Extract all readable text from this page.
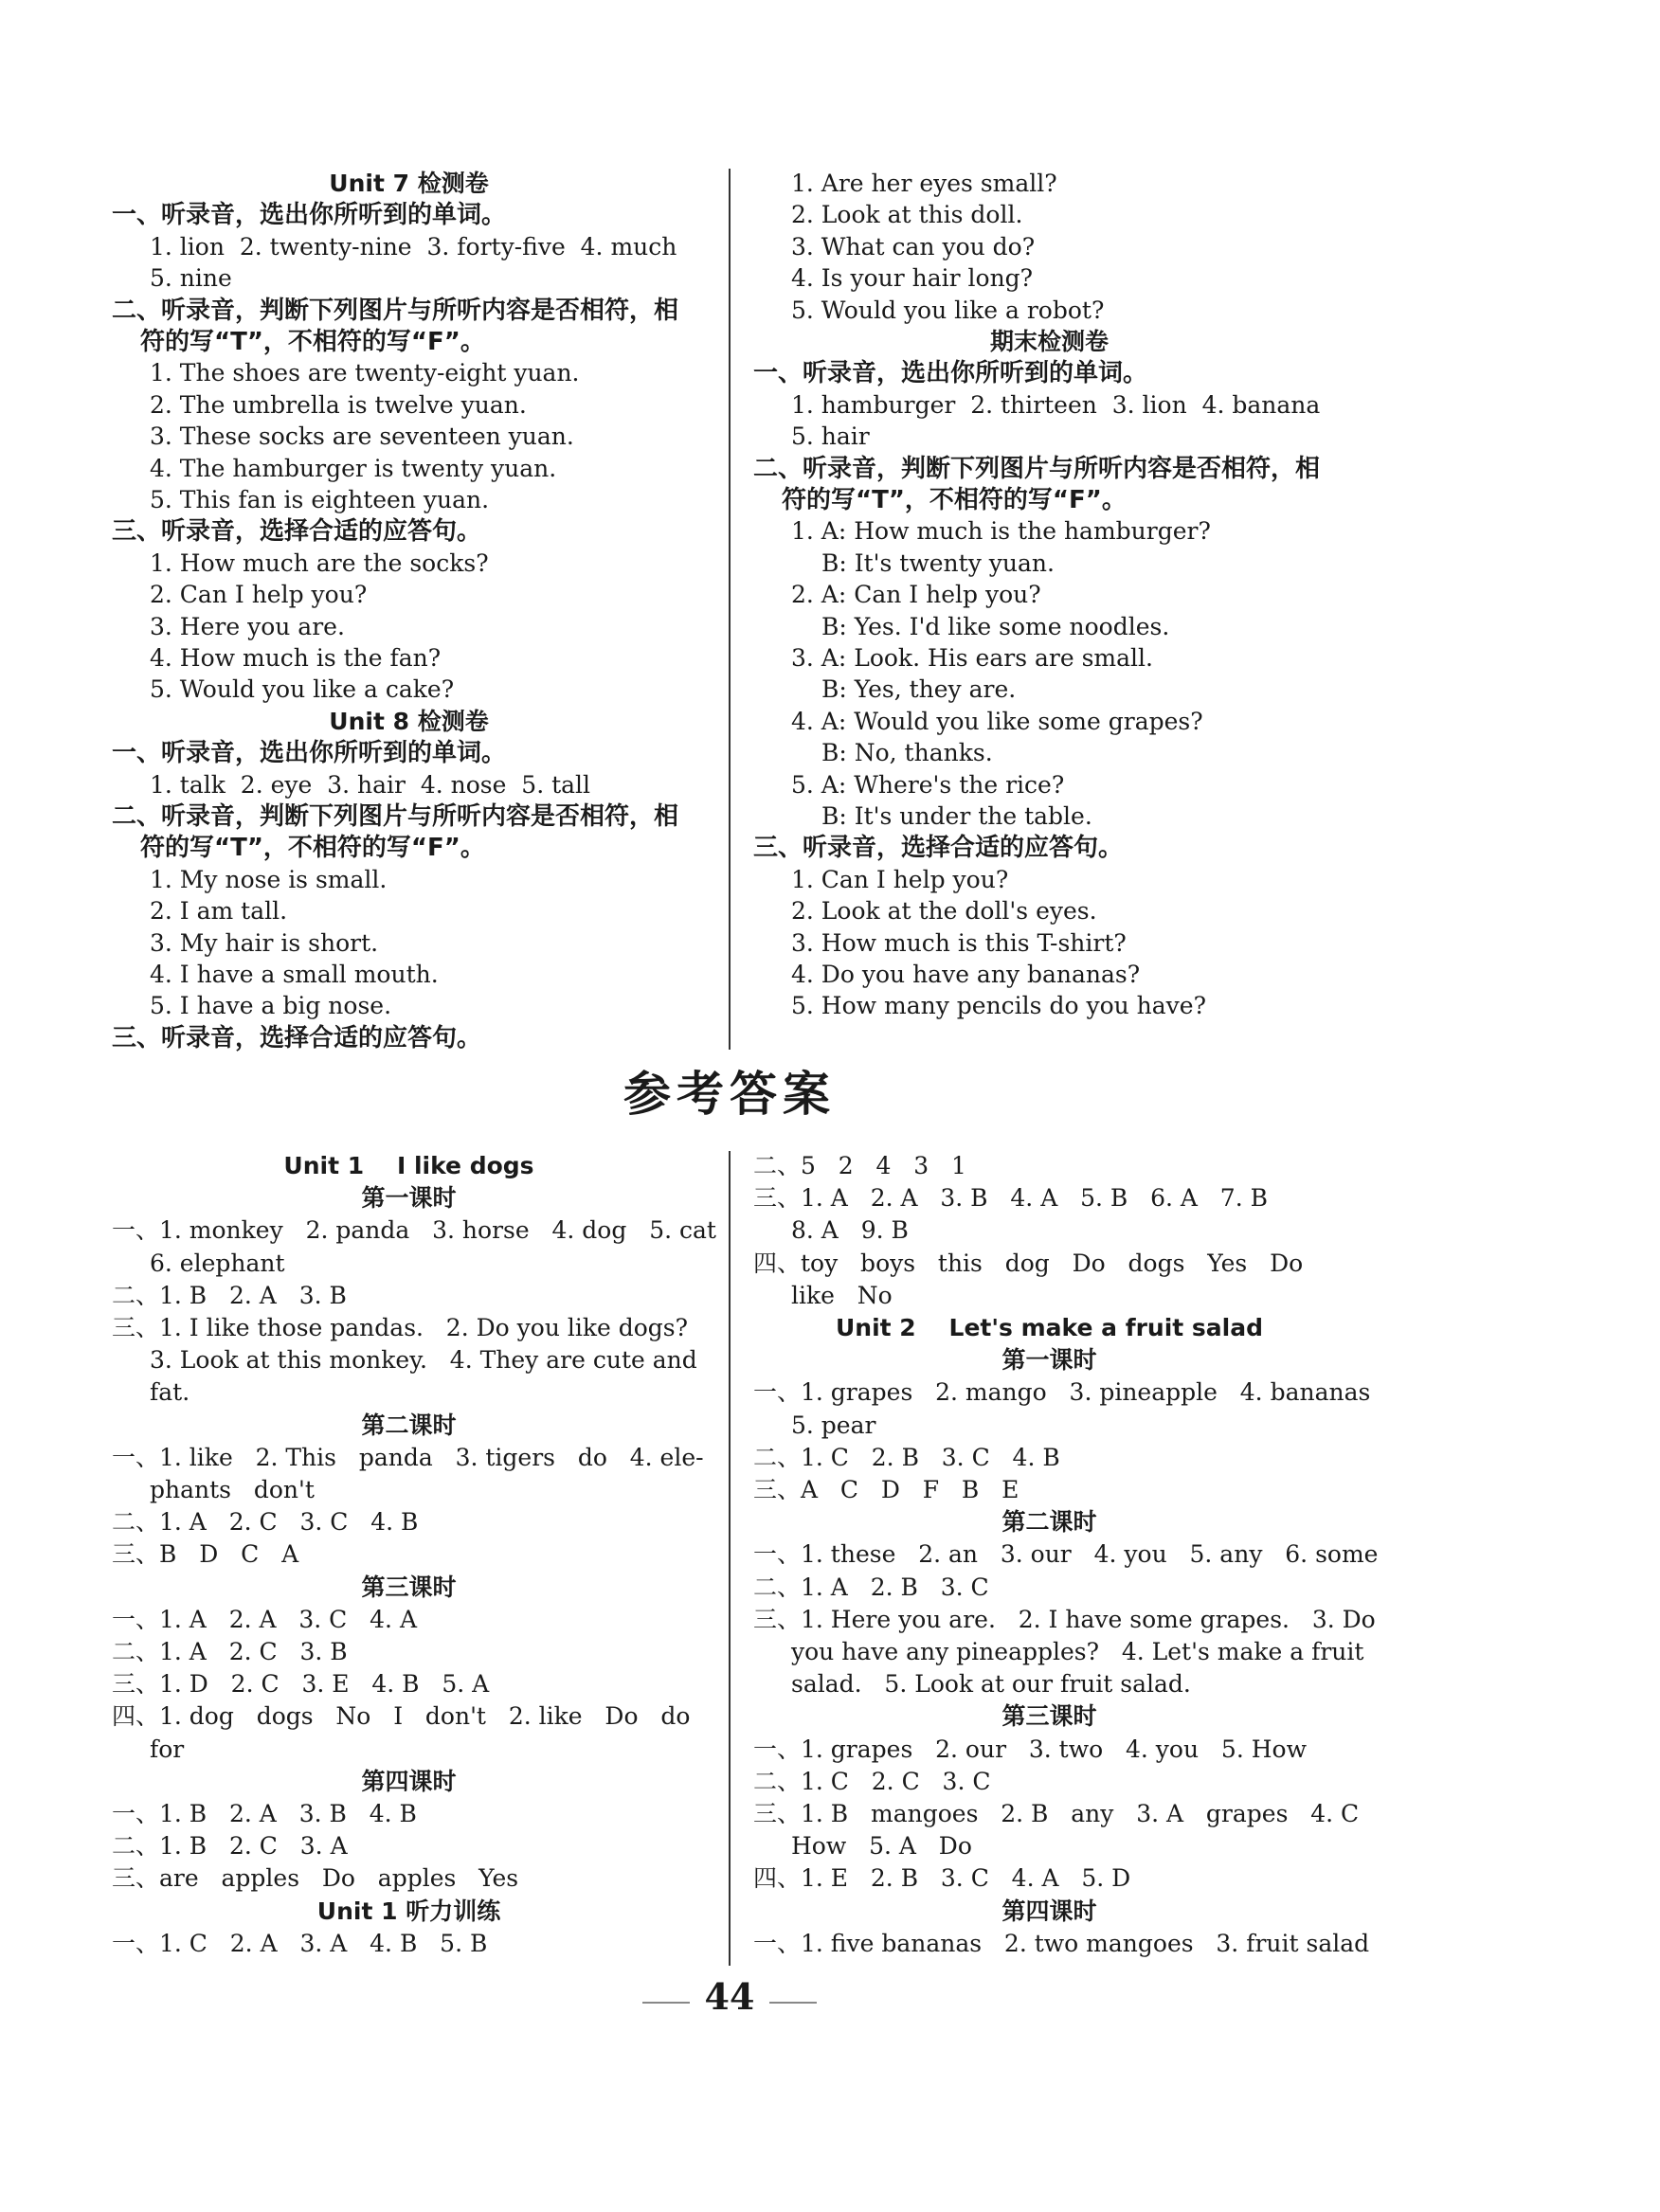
Unit 7 检测卷
一、听录音，选出你所听到的单词。
1. lion  2. twenty-nine  3. forty-five  4. much
5. nine
二、听录音，判断下列图片与所听内容是否相符，相
符的写“T”，不相符的写“F”。
1. The shoes are twenty-eight yuan.
2. The umbrella is twelve yuan.
3. These socks are seventeen yuan.
4. The hamburger is twenty yuan.
5. This fan is eighteen yuan.
三、听录音，选择合适的应答句。
1. How much are the socks?
2. Can I help you?
3. Here you are.
4. How much is the fan?
5. Would you like a cake?
Unit 8 检测卷
一、听录音，选出你所听到的单词。
1. talk  2. eye  3. hair  4. nose  5. tall
二、听录音，判断下列图片与所听内容是否相符，相
符的写“T”，不相符的写“F”。
1. My nose is small.
2. I am tall.
3. My hair is short.
4. I have a small mouth.
5. I have a big nose.
三、听录音，选择合适的应答句。
1. Are her eyes small?
2. Look at this doll.
3. What can you do?
4. Is your hair long?
5. Would you like a robot?
期末检测卷
一、听录音，选出你所听到的单词。
1. hamburger  2. thirteen  3. lion  4. banana
5. hair
二、听录音，判断下列图片与所听内容是否相符，相
符的写“T”，不相符的写“F”。
1. A: How much is the hamburger?
B: It's twenty yuan.
2. A: Can I help you?
B: Yes. I'd like some noodles.
3. A: Look. His ears are small.
B: Yes, they are.
4. A: Would you like some grapes?
B: No, thanks.
5. A: Where's the rice?
B: It's under the table.
三、听录音，选择合适的应答句。
1. Can I help you?
2. Look at the doll's eyes.
3. How much is this T-shirt?
4. Do you have any bananas?
5. How many pencils do you have?
参考答案
Unit 1    I like dogs
第一课时
一、1. monkey   2. panda   3. horse   4. dog   5. cat
6. elephant
二、1. B   2. A   3. B
三、1. I like those pandas.   2. Do you like dogs?
3. Look at this monkey.   4. They are cute and
fat.
第二课时
一、1. like   2. This   panda   3. tigers   do   4. ele-
phants   don't
二、1. A   2. C   3. C   4. B
三、B   D   C   A
第三课时
一、1. A   2. A   3. C   4. A
二、1. A   2. C   3. B
三、1. D   2. C   3. E   4. B   5. A
四、1. dog   dogs   No   I   don't   2. like   Do   do
for
第四课时
一、1. B   2. A   3. B   4. B
二、1. B   2. C   3. A
三、are   apples   Do   apples   Yes
Unit 1 听力训练
一、1. C   2. A   3. A   4. B   5. B
二、5   2   4   3   1
三、1. A   2. A   3. B   4. A   5. B   6. A   7. B
8. A   9. B
四、toy   boys   this   dog   Do   dogs   Yes   Do
like   No
Unit 2    Let's make a fruit salad
第一课时
一、1. grapes   2. mango   3. pineapple   4. bananas
5. pear
二、1. C   2. B   3. C   4. B
三、A   C   D   F   B   E
第二课时
一、1. these   2. an   3. our   4. you   5. any   6. some
二、1. A   2. B   3. C
三、1. Here you are.   2. I have some grapes.   3. Do
you have any pineapples?   4. Let's make a fruit
salad.   5. Look at our fruit salad.
第三课时
一、1. grapes   2. our   3. two   4. you   5. How
二、1. C   2. C   3. C
三、1. B   mangoes   2. B   any   3. A   grapes   4. C
How   5. A   Do
四、1. E   2. B   3. C   4. A   5. D
第四课时
一、1. five bananas   2. two mangoes   3. fruit salad
44
